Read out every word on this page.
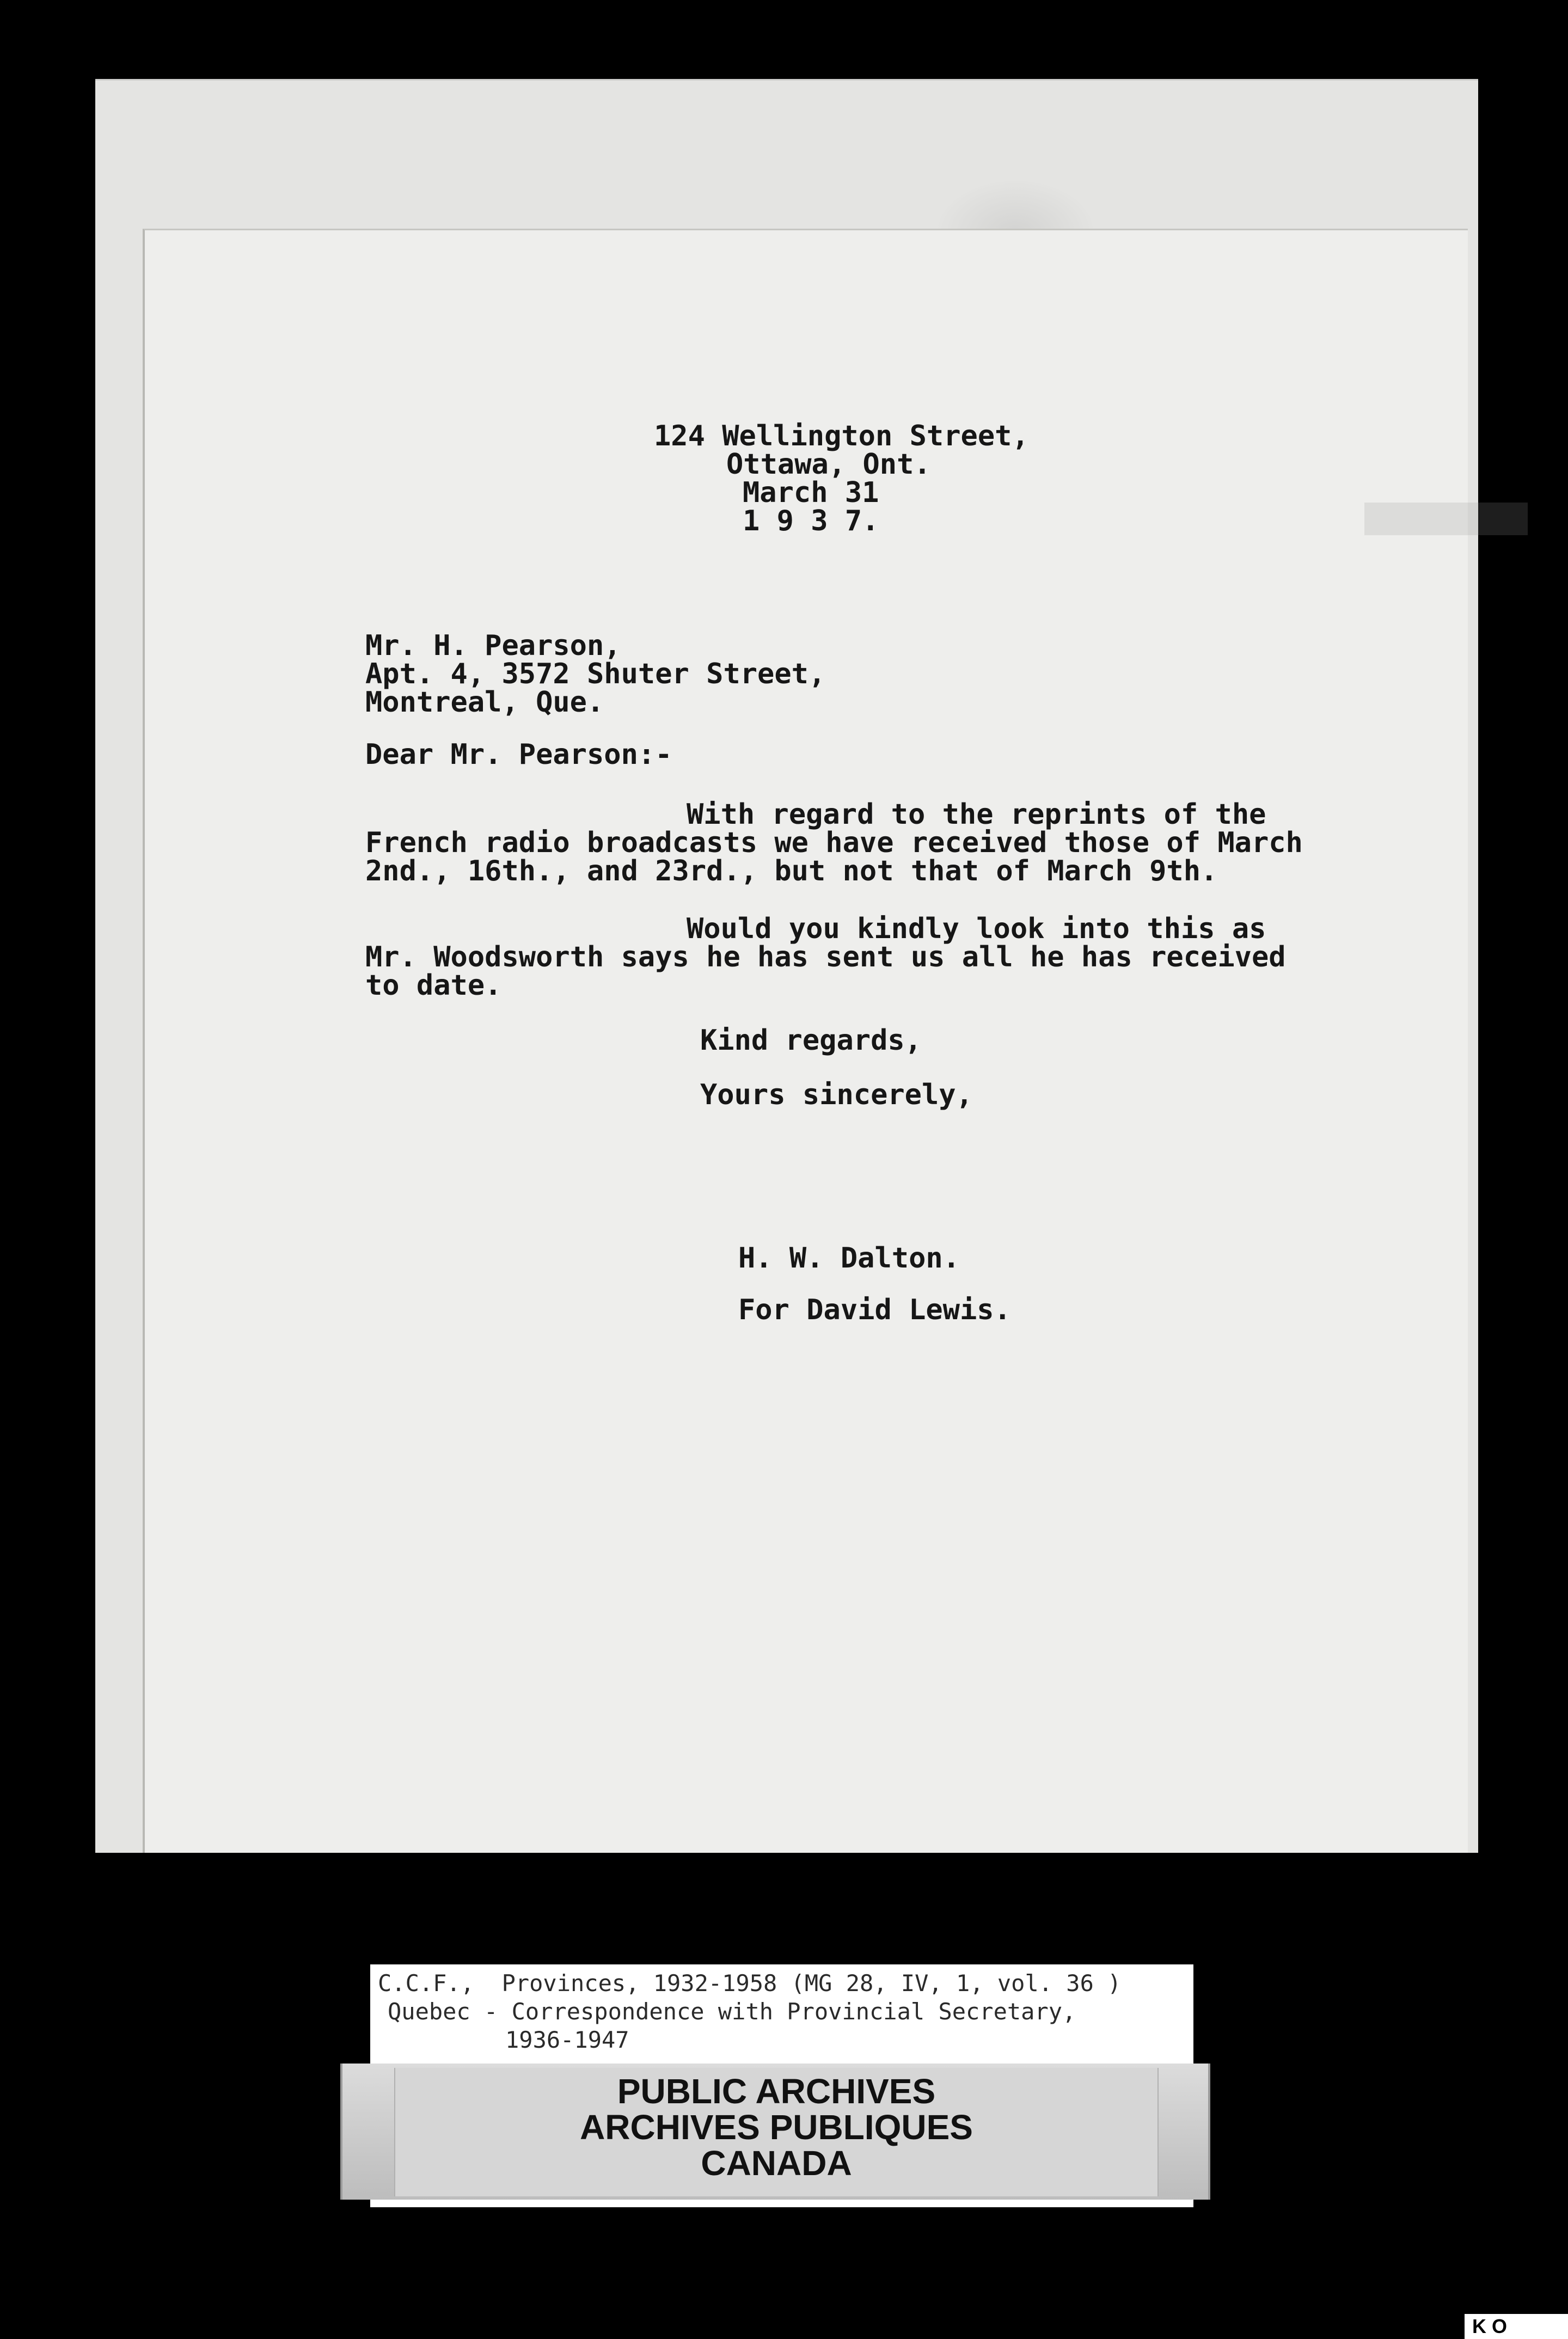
124 Wellington Street,
Ottawa, Ont.
March 31
1 9 3 7.
Mr. H. Pearson,
Apt. 4, 3572 Shuter Street,
Montreal, Que.
Dear Mr. Pearson:-
With regard to the reprints of the
French radio broadcasts we have received those of March
2nd., 16th., and 23rd., but not that of March 9th.
Would you kindly look into this as
Mr. Woodsworth says he has sent us all he has received
to date.
Kind regards,
Yours sincerely,
H. W. Dalton.
For David Lewis.
C.C.F.,  Provinces, 1932-1958 (MG 28, IV, 1, vol. 36 )
Quebec - Correspondence with Provincial Secretary,
1936-1947
PUBLIC ARCHIVES
ARCHIVES PUBLIQUES
CANADA
K O
